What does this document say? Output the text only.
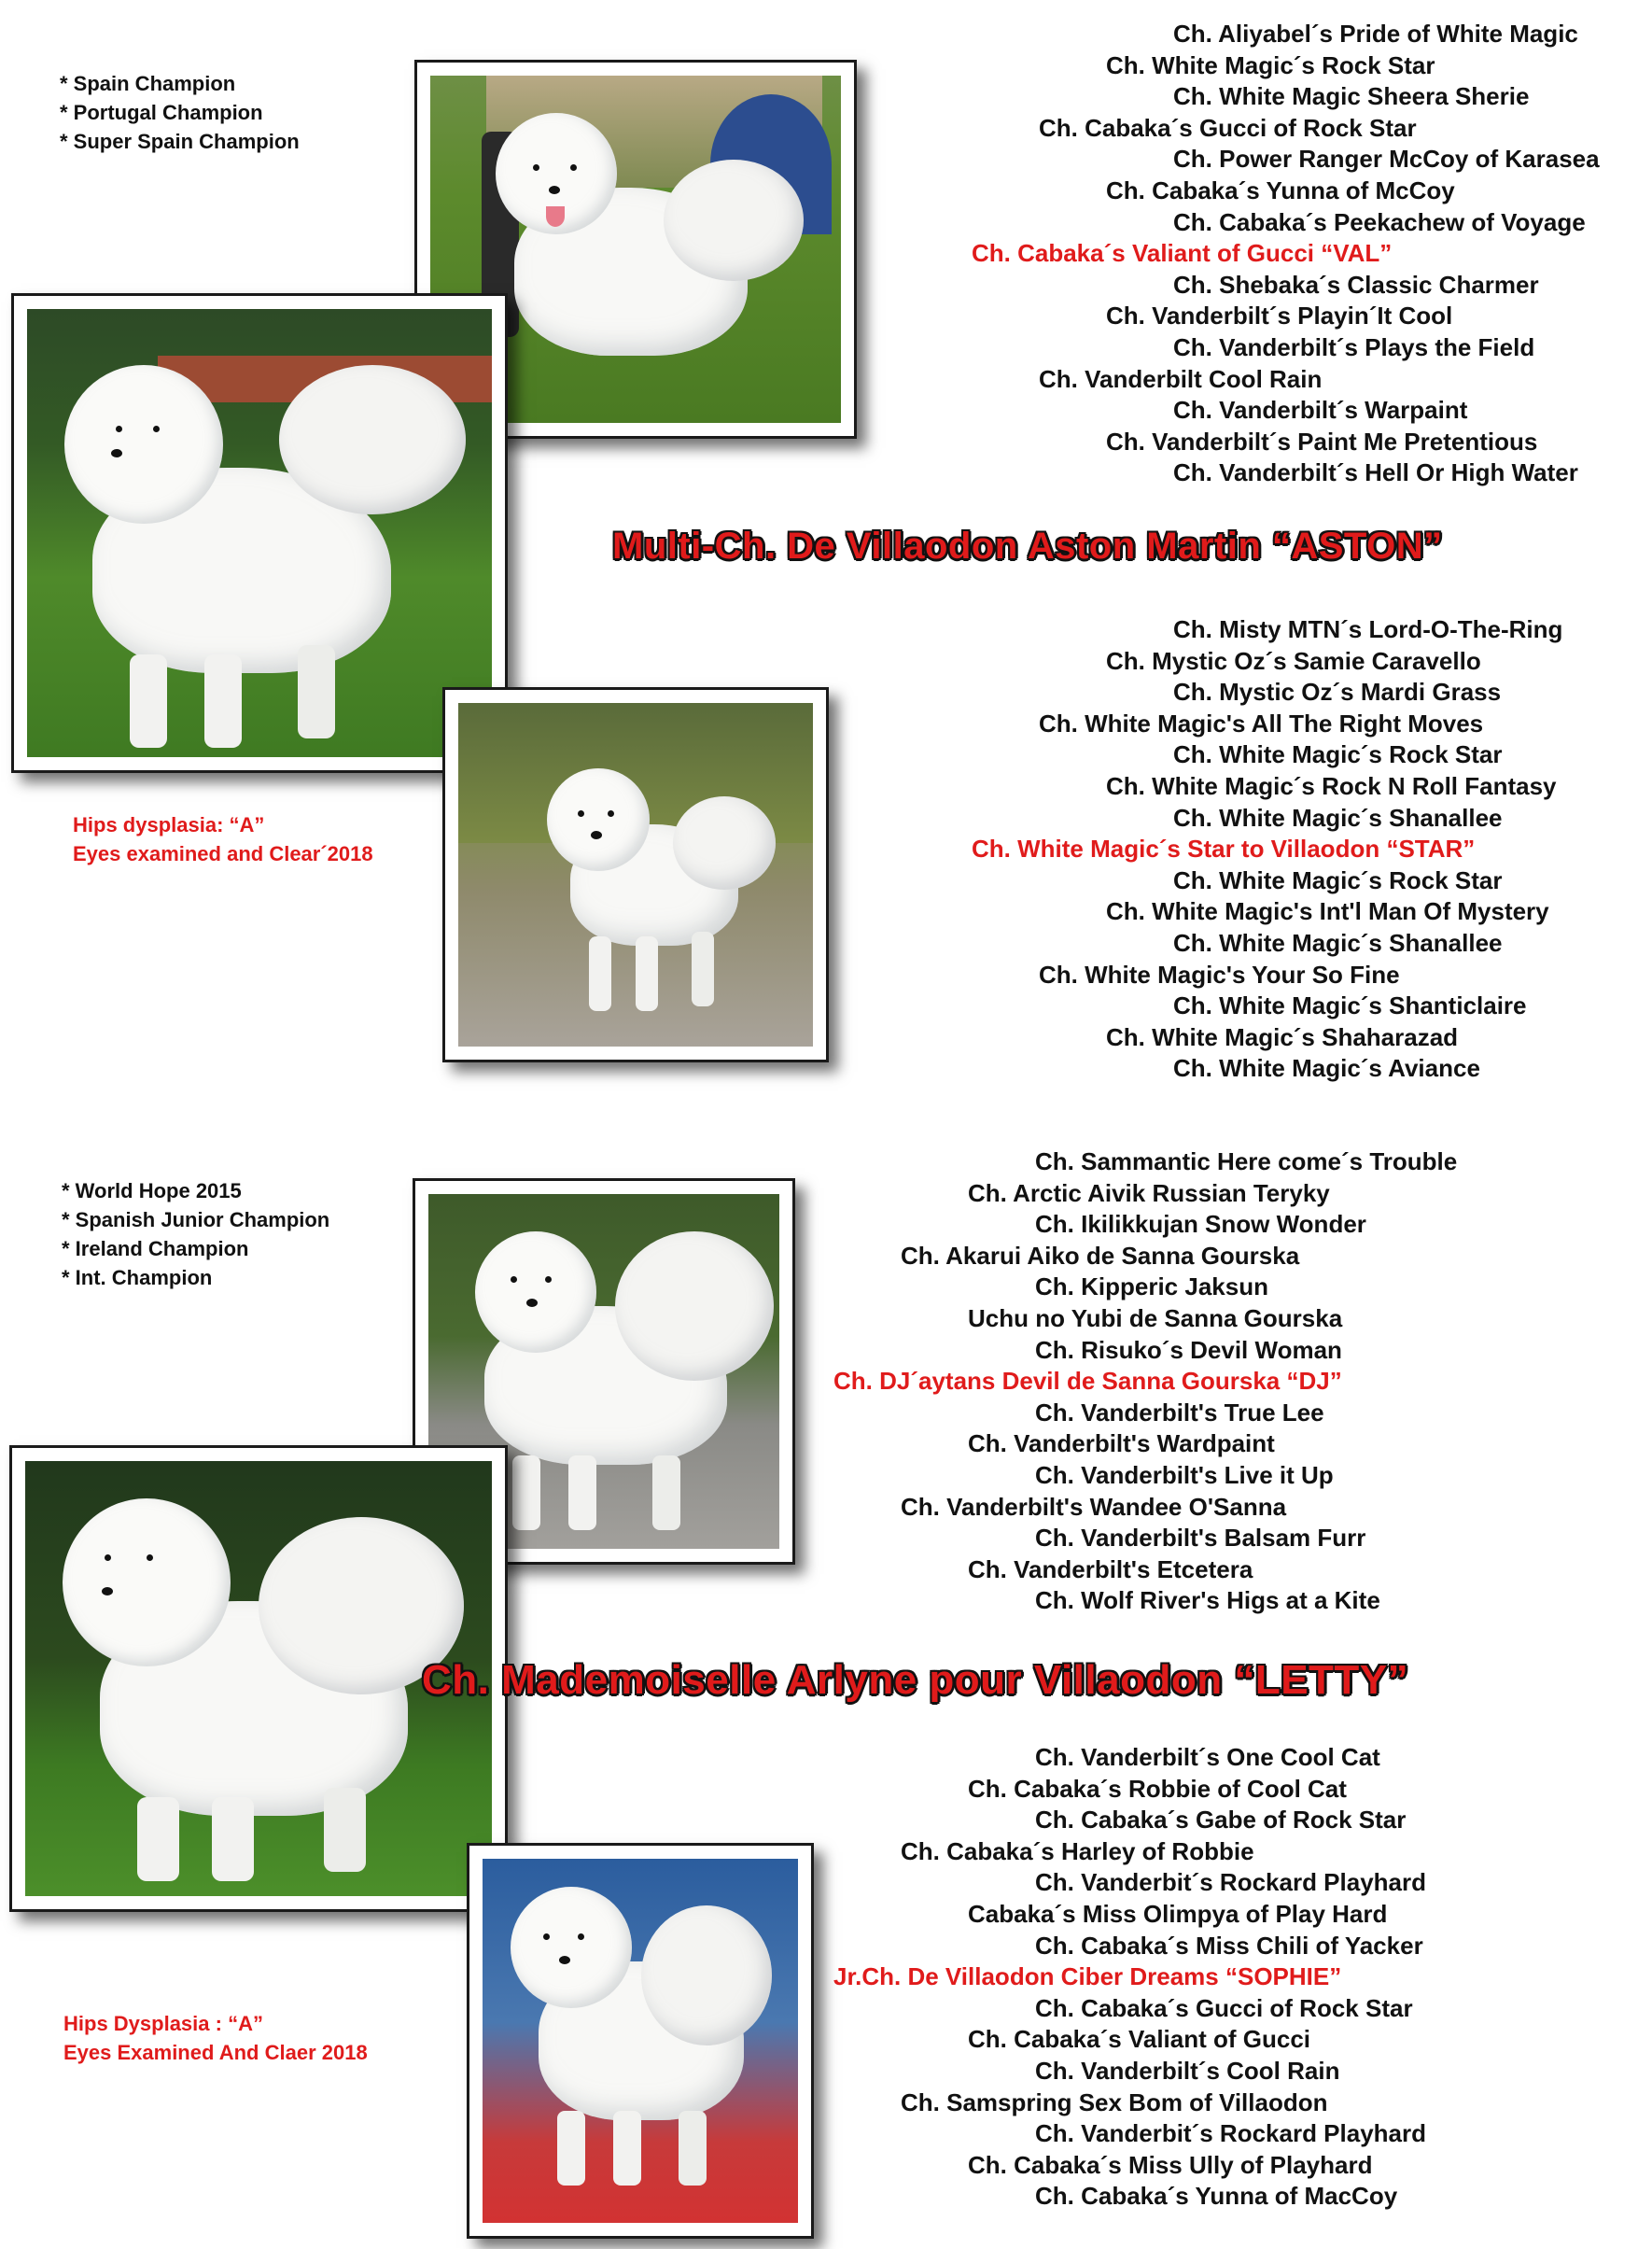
* Spain Champion
* Portugal Champion
* Super Spain Champion
Hips dysplasia: “A”
Eyes examined and Clear´2018
Multi-Ch. De Villaodon Aston Martin “ASTON”
Ch. Aliyabel´s Pride of White Magic
Ch. White Magic´s Rock Star
Ch. White Magic Sheera Sherie
Ch. Cabaka´s Gucci of Rock Star
Ch. Power Ranger McCoy of Karasea
Ch. Cabaka´s Yunna of McCoy
Ch. Cabaka´s Peekachew of Voyage
Ch. Cabaka´s Valiant of Gucci “VAL”
Ch. Shebaka´s Classic Charmer
Ch. Vanderbilt´s Playin´It Cool
Ch. Vanderbilt´s Plays the Field
Ch. Vanderbilt Cool Rain
Ch. Vanderbilt´s Warpaint
Ch. Vanderbilt´s Paint Me Pretentious
Ch. Vanderbilt´s Hell Or High Water
Ch. Misty MTN´s Lord-O-The-Ring
Ch. Mystic Oz´s Samie Caravello
Ch. Mystic Oz´s Mardi Grass
Ch. White Magic's All The Right Moves
Ch. White Magic´s Rock Star
Ch. White Magic´s Rock N Roll Fantasy
Ch. White Magic´s Shanallee
Ch. White Magic´s Star to Villaodon “STAR”
Ch. White Magic´s Rock Star
Ch. White Magic's Int'l Man Of Mystery
Ch. White Magic´s Shanallee
Ch. White Magic's Your So Fine
Ch. White Magic´s Shanticlaire
Ch. White Magic´s Shaharazad
Ch. White Magic´s Aviance
* World Hope 2015
* Spanish Junior Champion
* Ireland Champion
* Int. Champion
Hips Dysplasia : “A”
Eyes Examined And Claer 2018
Ch. Mademoiselle Arlyne pour Villaodon “LETTY”
Ch. Sammantic Here come´s Trouble
Ch. Arctic Aivik Russian Teryky
Ch. Ikilikkujan Snow Wonder
Ch. Akarui Aiko de Sanna Gourska
Ch. Kipperic Jaksun
Uchu no Yubi de Sanna Gourska
Ch. Risuko´s Devil Woman
Ch. DJ´aytans Devil de Sanna Gourska “DJ”
Ch. Vanderbilt's True Lee
Ch. Vanderbilt's Wardpaint
Ch. Vanderbilt's Live it Up
Ch. Vanderbilt's Wandee O'Sanna
Ch. Vanderbilt's Balsam Furr
Ch. Vanderbilt's Etcetera
Ch. Wolf River's Higs at a Kite
Ch. Vanderbilt´s One Cool Cat
Ch. Cabaka´s Robbie of Cool Cat
Ch. Cabaka´s Gabe of Rock Star
Ch. Cabaka´s Harley of Robbie
Ch. Vanderbit´s Rockard Playhard
Cabaka´s Miss Olimpya of Play Hard
Ch. Cabaka´s Miss Chili of Yacker
Jr.Ch. De Villaodon Ciber Dreams “SOPHIE”
Ch. Cabaka´s Gucci of Rock Star
Ch. Cabaka´s Valiant of Gucci
Ch. Vanderbilt´s Cool Rain
Ch. Samspring Sex Bom of Villaodon
Ch. Vanderbit´s Rockard Playhard
Ch. Cabaka´s Miss Ully of Playhard
Ch. Cabaka´s Yunna of MacCoy
